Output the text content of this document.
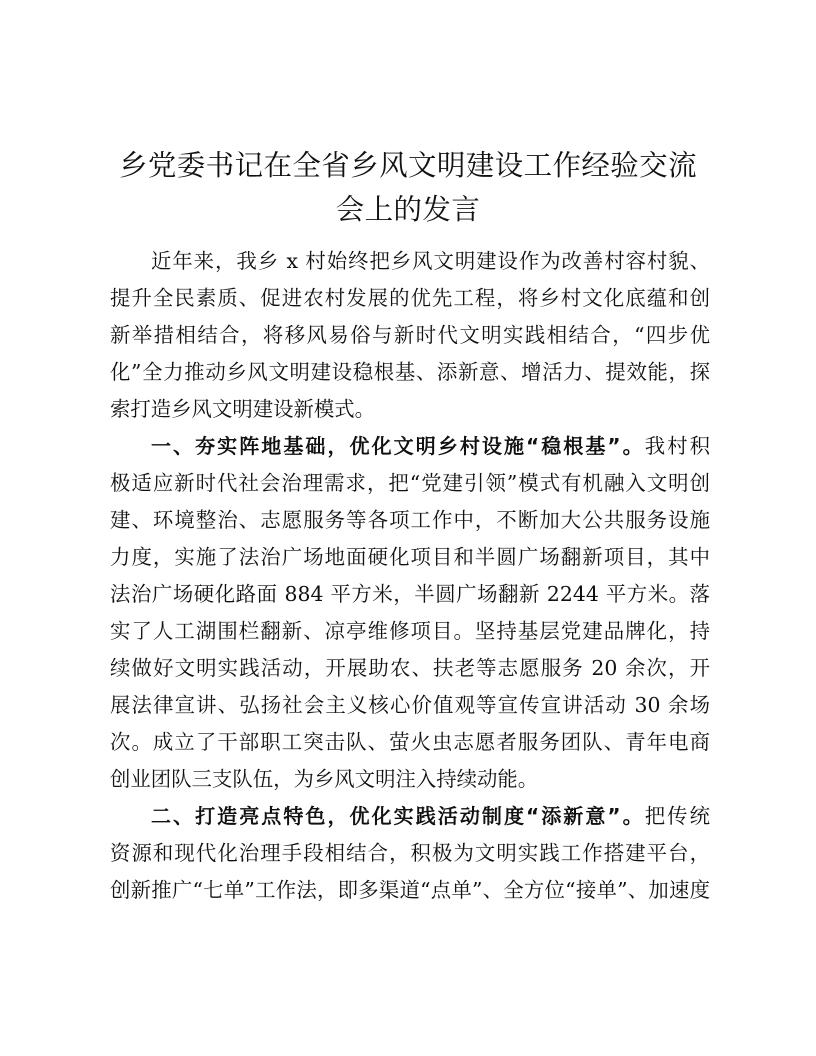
乡党委书记在全省乡风文明建设工作经验交流
会上的发言
近年来，我乡 x 村始终把乡风文明建设作为改善村容村貌、
提升全民素质、促进农村发展的优先工程，将乡村文化底蕴和创
新举措相结合，将移风易俗与新时代文明实践相结合，“四步优
化”全力推动乡风文明建设稳根基、添新意、增活力、提效能，探
索打造乡风文明建设新模式。
一、夯实阵地基础，优化文明乡村设施“稳根基”。我村积
极适应新时代社会治理需求，把“党建引领”模式有机融入文明创
建、环境整治、志愿服务等各项工作中，不断加大公共服务设施
力度，实施了法治广场地面硬化项目和半圆广场翻新项目，其中
法治广场硬化路面 884 平方米，半圆广场翻新 2244 平方米。落
实了人工湖围栏翻新、凉亭维修项目。坚持基层党建品牌化，持
续做好文明实践活动，开展助农、扶老等志愿服务 20 余次，开
展法律宣讲、弘扬社会主义核心价值观等宣传宣讲活动 30 余场
次。成立了干部职工突击队、萤火虫志愿者服务团队、青年电商
创业团队三支队伍，为乡风文明注入持续动能。
二、打造亮点特色，优化实践活动制度“添新意”。把传统
资源和现代化治理手段相结合，积极为文明实践工作搭建平台，
创新推广“七单”工作法，即多渠道“点单”、全方位“接单”、加速度
